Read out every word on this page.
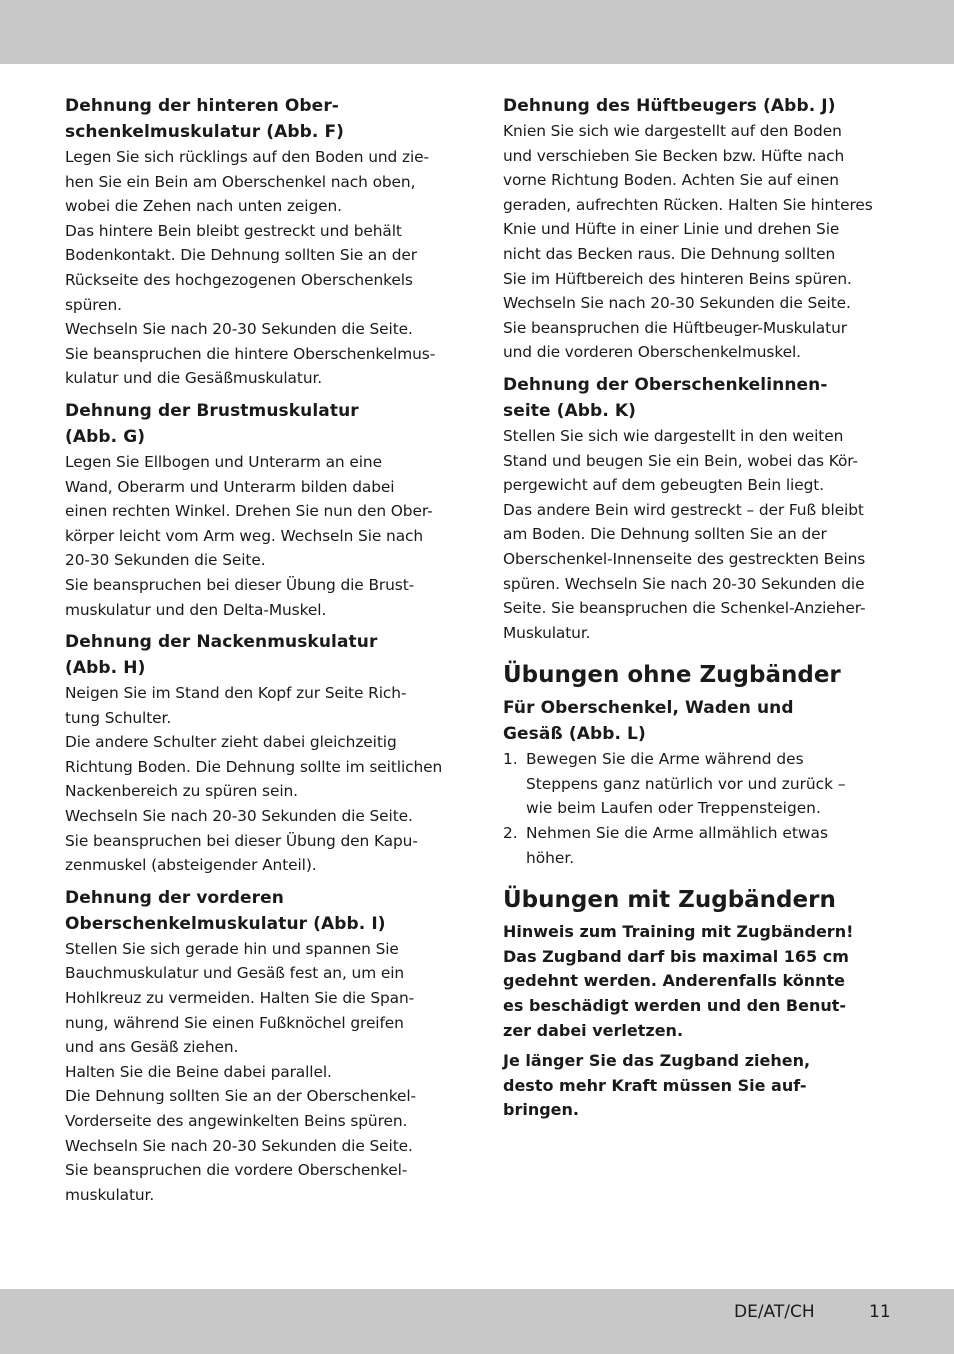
Dehnung der hinteren Ober-
schenkelmuskulatur (Abb. F)
Legen Sie sich rücklings auf den Boden und zie-
hen Sie ein Bein am Oberschenkel nach oben,
wobei die Zehen nach unten zeigen.
Das hintere Bein bleibt gestreckt und behält
Bodenkontakt. Die Dehnung sollten Sie an der
Rückseite des hochgezogenen Oberschenkels
spüren.
Wechseln Sie nach 20-30 Sekunden die Seite.
Sie beanspruchen die hintere Oberschenkelmus-
kulatur und die Gesäßmuskulatur.
Dehnung der Brustmuskulatur
(Abb. G)
Legen Sie Ellbogen und Unterarm an eine
Wand, Oberarm und Unterarm bilden dabei
einen rechten Winkel. Drehen Sie nun den Ober-
körper leicht vom Arm weg. Wechseln Sie nach
20-30 Sekunden die Seite.
Sie beanspruchen bei dieser Übung die Brust-
muskulatur und den Delta-Muskel.
Dehnung der Nackenmuskulatur
(Abb. H)
Neigen Sie im Stand den Kopf zur Seite Rich-
tung Schulter.
Die andere Schulter zieht dabei gleichzeitig
Richtung Boden. Die Dehnung sollte im seitlichen
Nackenbereich zu spüren sein.
Wechseln Sie nach 20-30 Sekunden die Seite.
Sie beanspruchen bei dieser Übung den Kapu-
zenmuskel (absteigender Anteil).
Dehnung der vorderen
Oberschenkelmuskulatur (Abb. I)
Stellen Sie sich gerade hin und spannen Sie
Bauchmuskulatur und Gesäß fest an, um ein
Hohlkreuz zu vermeiden. Halten Sie die Span-
nung, während Sie einen Fußknöchel greifen
und ans Gesäß ziehen.
Halten Sie die Beine dabei parallel.
Die Dehnung sollten Sie an der Oberschenkel-
Vorderseite des angewinkelten Beins spüren.
Wechseln Sie nach 20-30 Sekunden die Seite.
Sie beanspruchen die vordere Oberschenkel-
muskulatur.
Dehnung des Hüftbeugers (Abb. J)
Knien Sie sich wie dargestellt auf den Boden
und verschieben Sie Becken bzw. Hüfte nach
vorne Richtung Boden. Achten Sie auf einen
geraden, aufrechten Rücken. Halten Sie hinteres
Knie und Hüfte in einer Linie und drehen Sie
nicht das Becken raus. Die Dehnung sollten
Sie im Hüftbereich des hinteren Beins spüren.
Wechseln Sie nach 20-30 Sekunden die Seite.
Sie beanspruchen die Hüftbeuger-Muskulatur
und die vorderen Oberschenkelmuskel.
Dehnung der Oberschenkelinnen-
seite (Abb. K)
Stellen Sie sich wie dargestellt in den weiten
Stand und beugen Sie ein Bein, wobei das Kör-
pergewicht auf dem gebeugten Bein liegt.
Das andere Bein wird gestreckt – der Fuß bleibt
am Boden. Die Dehnung sollten Sie an der
Oberschenkel-Innenseite des gestreckten Beins
spüren. Wechseln Sie nach 20-30 Sekunden die
Seite. Sie beanspruchen die Schenkel-Anzieher-
Muskulatur.
Übungen ohne Zugbänder
Für Oberschenkel, Waden und
Gesäß (Abb. L)
1. Bewegen Sie die Arme während des
Steppens ganz natürlich vor und zurück –
wie beim Laufen oder Treppensteigen.
2. Nehmen Sie die Arme allmählich etwas
höher.
Übungen mit Zugbändern
Hinweis zum Training mit Zugbändern!
Das Zugband darf bis maximal 165 cm
gedehnt werden. Anderenfalls könnte
es beschädigt werden und den Benut-
zer dabei verletzen.
Je länger Sie das Zugband ziehen,
desto mehr Kraft müssen Sie auf-
bringen.
DE/AT/CH	11
